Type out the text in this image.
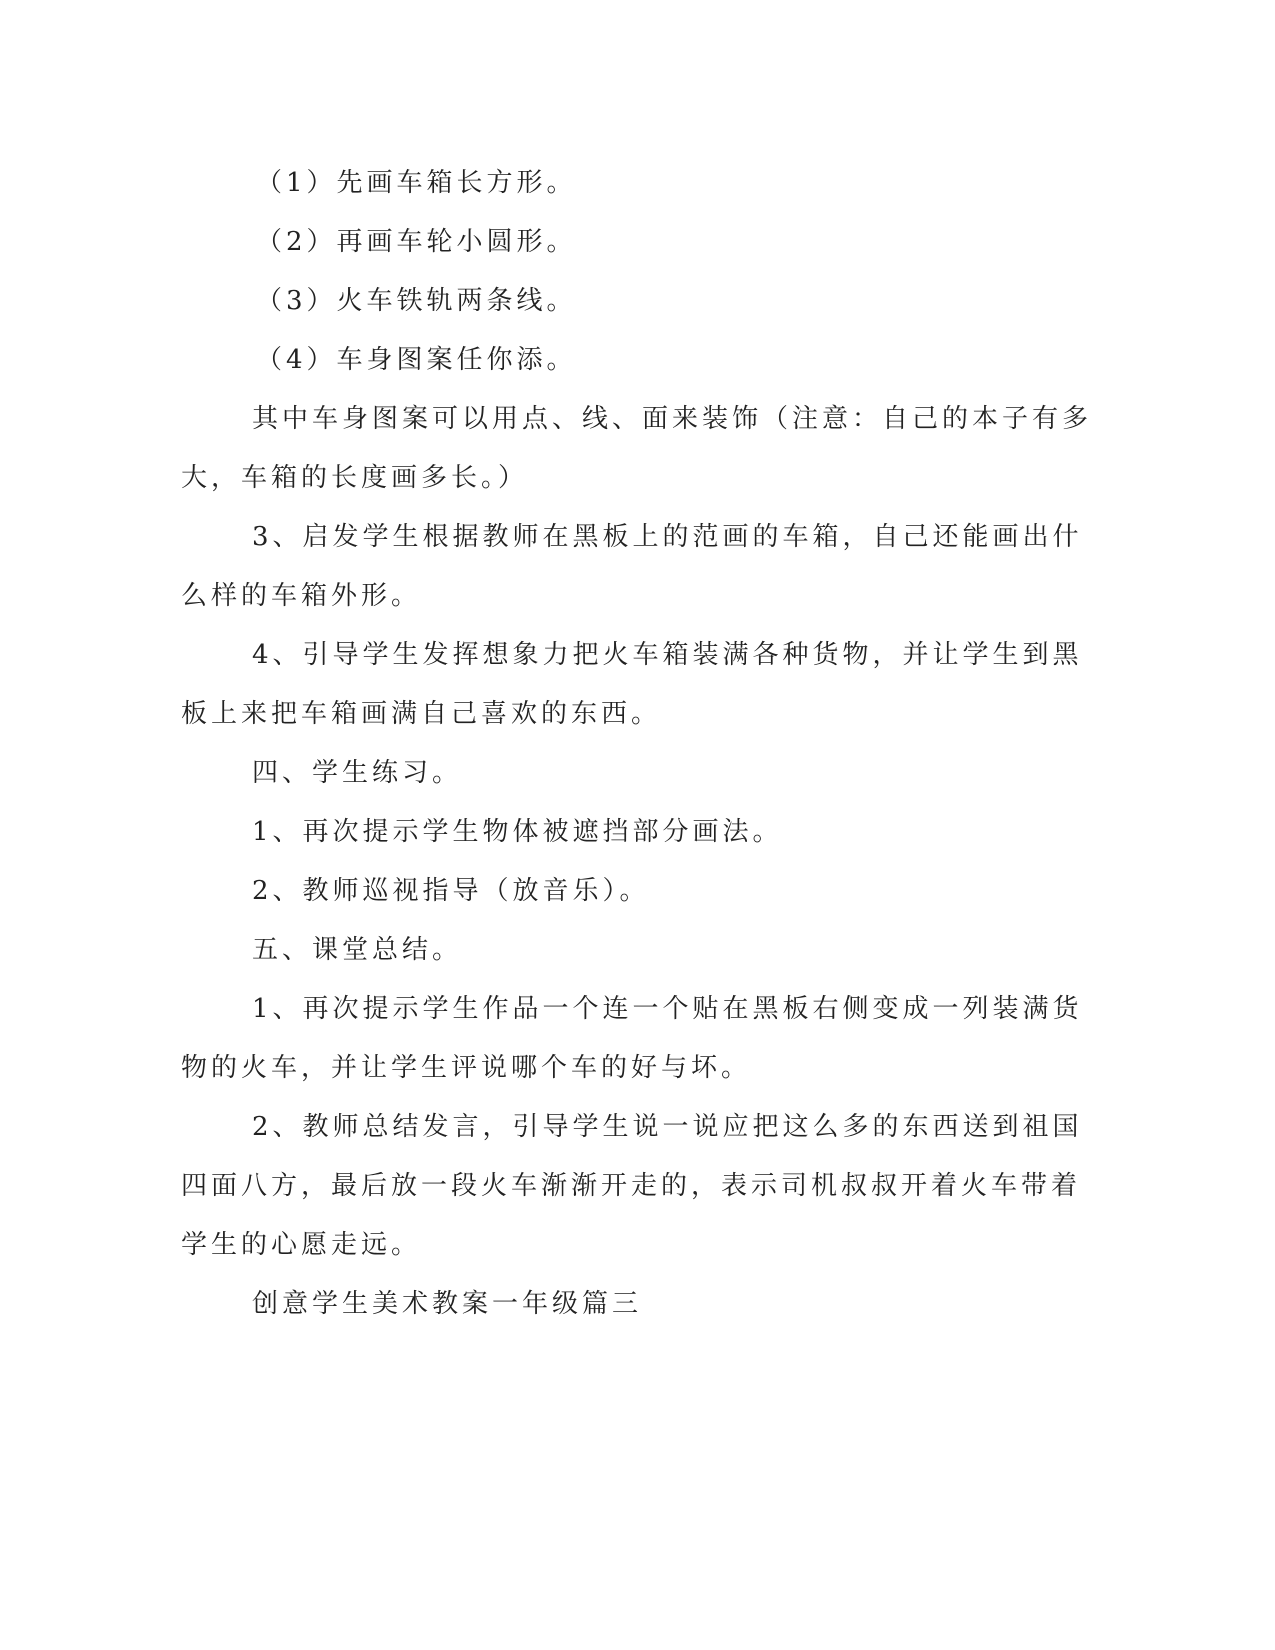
（1）先画车箱长方形。
（2）再画车轮小圆形。
（3）火车铁轨两条线。
（4）车身图案任你添。
其中车身图案可以用点、线、面来装饰（注意：自己的本子有多
大，车箱的长度画多长。）
3、启发学生根据教师在黑板上的范画的车箱，自己还能画出什
么样的车箱外形。
4、引导学生发挥想象力把火车箱装满各种货物，并让学生到黑
板上来把车箱画满自己喜欢的东西。
四、学生练习。
1、再次提示学生物体被遮挡部分画法。
2、教师巡视指导（放音乐）。
五、课堂总结。
1、再次提示学生作品一个连一个贴在黑板右侧变成一列装满货
物的火车，并让学生评说哪个车的好与坏。
2、教师总结发言，引导学生说一说应把这么多的东西送到祖国
四面八方，最后放一段火车渐渐开走的，表示司机叔叔开着火车带着
学生的心愿走远。
创意学生美术教案一年级篇三
